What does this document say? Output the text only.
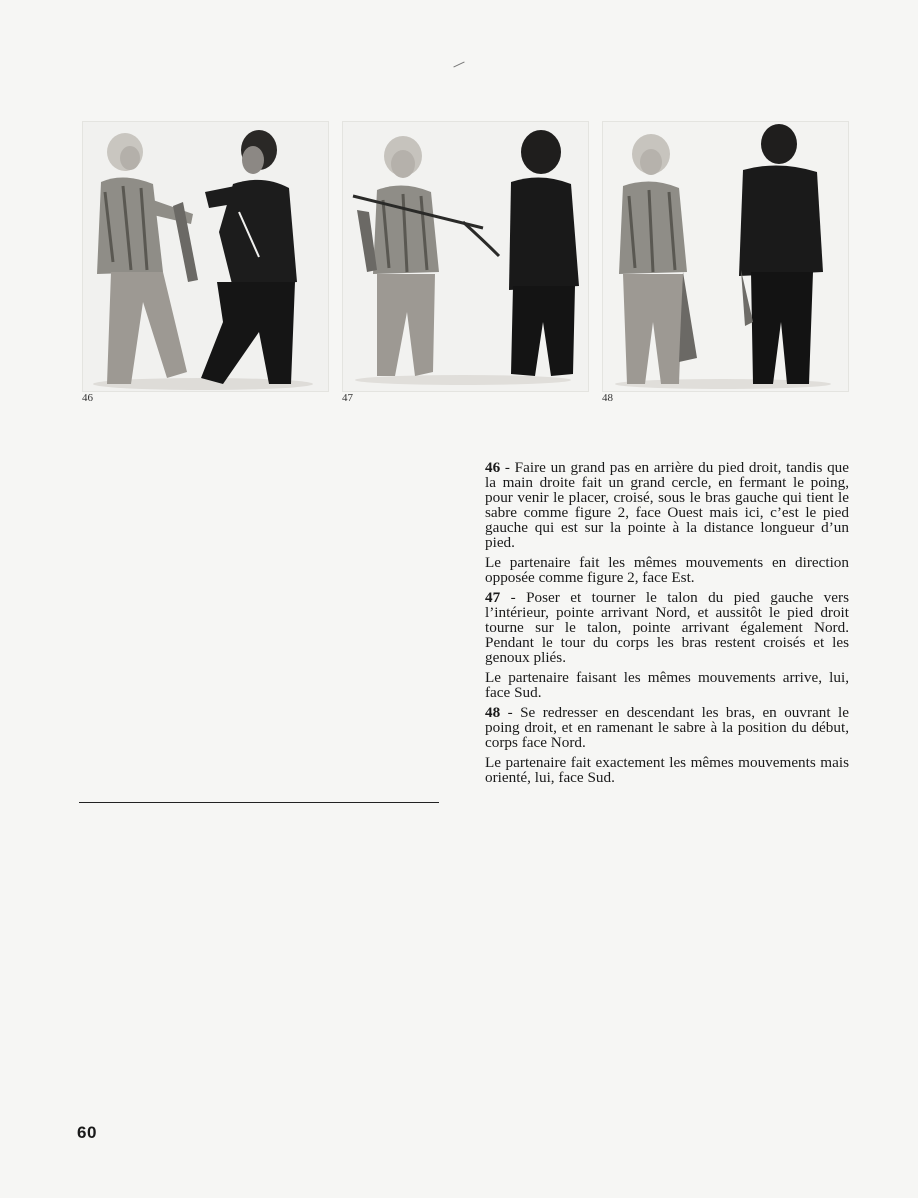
46	47	48

46 - Faire un grand pas en arrière du pied droit, tandis que la main droite fait un grand cercle, en fermant le poing, pour venir le placer, croisé, sous le bras gauche qui tient le sabre comme figure 2, face Ouest mais ici, c’est le pied gauche qui est sur la pointe à la distance longueur d’un pied.

Le partenaire fait les mêmes mouvements en direction opposée comme figure 2, face Est.

47 - Poser et tourner le talon du pied gauche vers l’intérieur, pointe arrivant Nord, et aussitôt le pied droit tourne sur le talon, pointe arrivant également Nord. Pendant le tour du corps les bras restent croisés et les genoux pliés.

Le partenaire faisant les mêmes mouvements arrive, lui, face Sud.

48 - Se redresser en descendant les bras, en ouvrant le poing droit, et en ramenant le sabre à la position du début, corps face Nord.

Le partenaire fait exactement les mêmes mouvements mais orienté, lui, face Sud.

60
